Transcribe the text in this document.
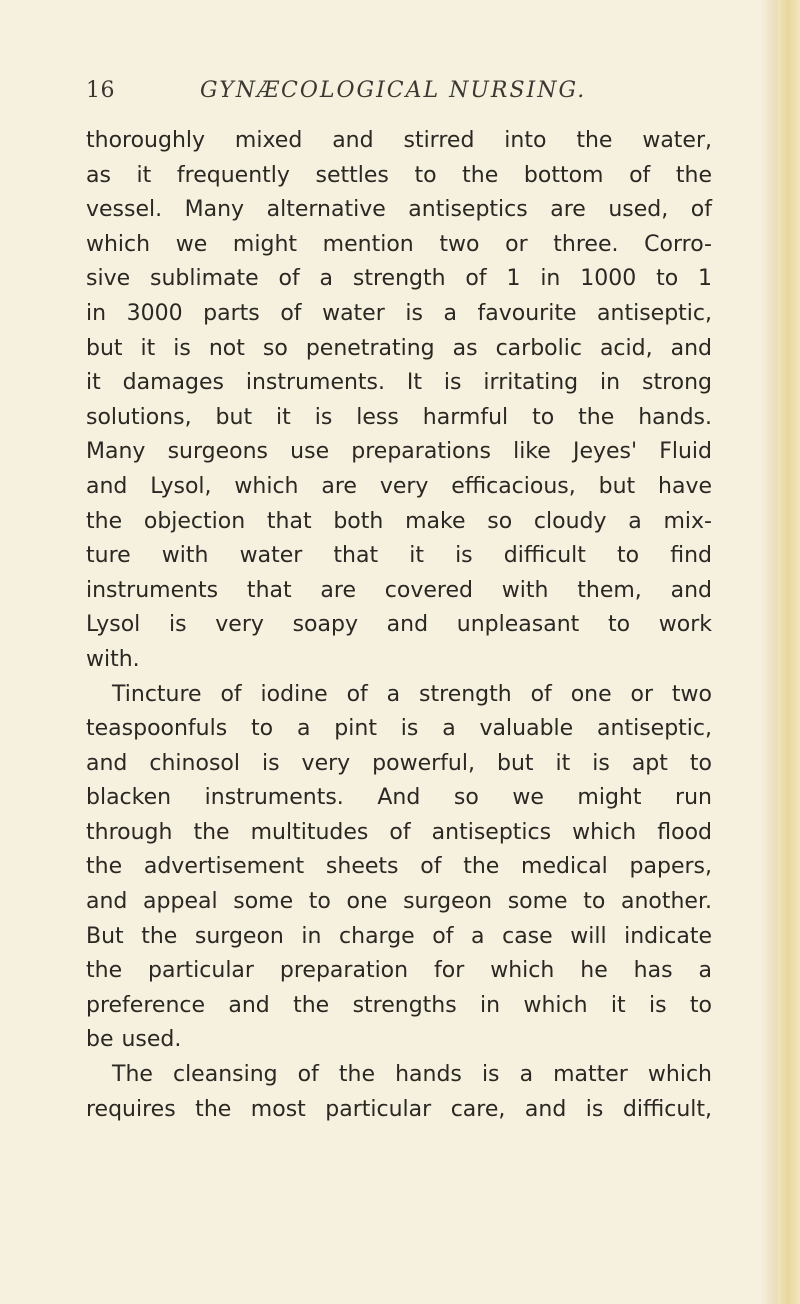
16	GYNÆCOLOGICAL NURSING.

thoroughly mixed and stirred into the water,
as it frequently settles to the bottom of the
vessel. Many alternative antiseptics are used, of
which we might mention two or three. Corro-
sive sublimate of a strength of 1 in 1000 to 1
in 3000 parts of water is a favourite antiseptic,
but it is not so penetrating as carbolic acid, and
it damages instruments. It is irritating in strong
solutions, but it is less harmful to the hands.
Many surgeons use preparations like Jeyes' Fluid
and Lysol, which are very efficacious, but have
the objection that both make so cloudy a mix-
ture with water that it is difficult to find
instruments that are covered with them, and
Lysol is very soapy and unpleasant to work
with.

Tincture of iodine of a strength of one or two
teaspoonfuls to a pint is a valuable antiseptic,
and chinosol is very powerful, but it is apt to
blacken instruments. And so we might run
through the multitudes of antiseptics which flood
the advertisement sheets of the medical papers,
and appeal some to one surgeon some to another.
But the surgeon in charge of a case will indicate
the particular preparation for which he has a
preference and the strengths in which it is to
be used.

The cleansing of the hands is a matter which
requires the most particular care, and is difficult,
